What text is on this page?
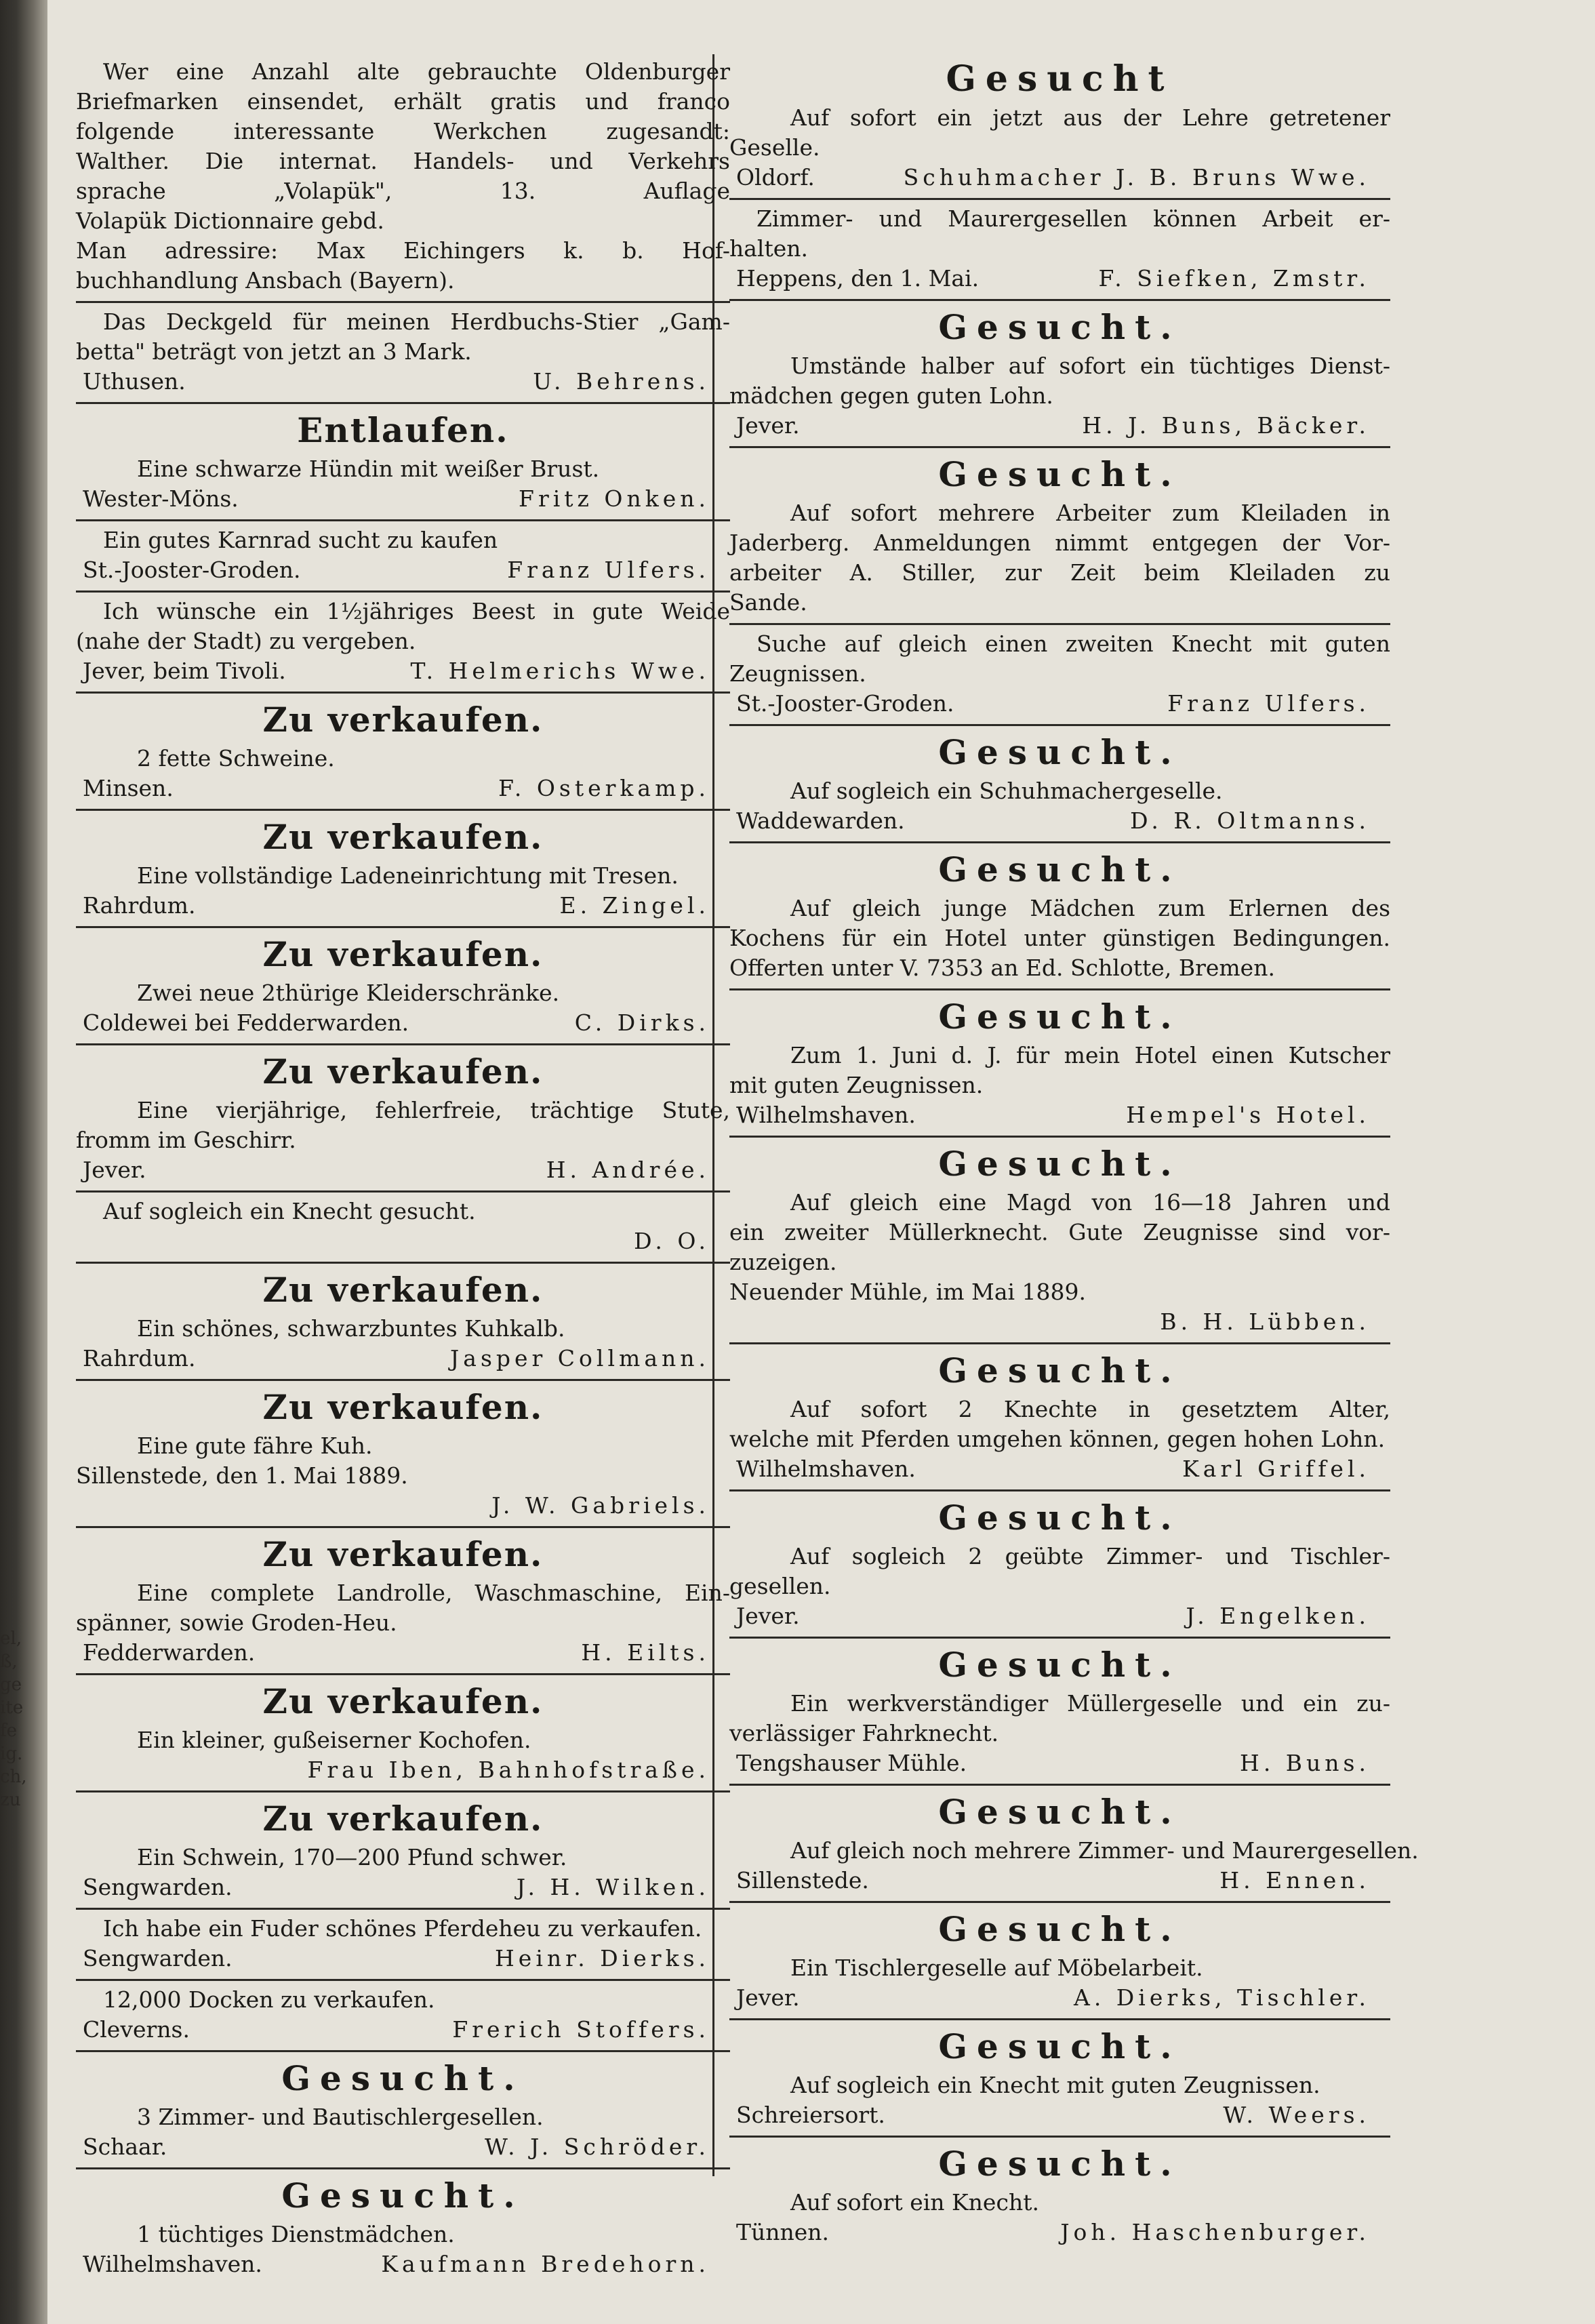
el,
ß,
ge
ite
fe
ig.
ch,
zu
Wer eine Anzahl alte gebrauchte Oldenburger
Briefmarken einsendet, erhält gratis und franco
folgende interessante Werkchen zugesandt:
Walther. Die internat. Handels- und Verkehrs
sprache „Volapük", 13. Auflage
Volapük Dictionnaire gebd.
Man adressire: Max Eichingers k. b. Hof-
buchhandlung Ansbach (Bayern).
Das Deckgeld für meinen Herdbuchs-Stier „Gam-
betta" beträgt von jetzt an 3 Mark.
Uthusen.	U. Behrens.
Entlaufen.
Eine schwarze Hündin mit weißer Brust.
Wester-Möns.	Fritz Onken.
Ein gutes Karnrad sucht zu kaufen
St.-Jooster-Groden.	Franz Ulfers.
Ich wünsche ein 1½jähriges Beest in gute Weide
(nahe der Stadt) zu vergeben.
Jever, beim Tivoli.	T. Helmerichs Wwe.
Zu verkaufen.
2 fette Schweine.
Minsen.	F. Osterkamp.
Zu verkaufen.
Eine vollständige Ladeneinrichtung mit Tresen.
Rahrdum.	E. Zingel.
Zu verkaufen.
Zwei neue 2thürige Kleiderschränke.
Coldewei bei Fedderwarden.	C. Dirks.
Zu verkaufen.
Eine vierjährige, fehlerfreie, trächtige Stute,
fromm im Geschirr.
Jever.	H. Andrée.
Auf sogleich ein Knecht gesucht.
D. O.
Zu verkaufen.
Ein schönes, schwarzbuntes Kuhkalb.
Rahrdum.	Jasper Collmann.
Zu verkaufen.
Eine gute fähre Kuh.
Sillenstede, den 1. Mai 1889.
J. W. Gabriels.
Zu verkaufen.
Eine complete Landrolle, Waschmaschine, Ein-
spänner, sowie Groden-Heu.
Fedderwarden.	H. Eilts.
Zu verkaufen.
Ein kleiner, gußeiserner Kochofen.
Frau Iben, Bahnhofstraße.
Zu verkaufen.
Ein Schwein, 170—200 Pfund schwer.
Sengwarden.	J. H. Wilken.
Ich habe ein Fuder schönes Pferdeheu zu verkaufen.
Sengwarden.	Heinr. Dierks.
12,000 Docken zu verkaufen.
Cleverns.	Frerich Stoffers.
Gesucht.
3 Zimmer- und Bautischlergesellen.
Schaar.	W. J. Schröder.
Gesucht.
1 tüchtiges Dienstmädchen.
Wilhelmshaven.	Kaufmann Bredehorn.
Gesucht
Auf sofort ein jetzt aus der Lehre getretener
Geselle.
Oldorf.	Schuhmacher J. B. Bruns Wwe.
Zimmer- und Maurergesellen können Arbeit er-
halten.
Heppens, den 1. Mai.	F. Siefken, Zmstr.
Gesucht.
Umstände halber auf sofort ein tüchtiges Dienst-
mädchen gegen guten Lohn.
Jever.	H. J. Buns, Bäcker.
Gesucht.
Auf sofort mehrere Arbeiter zum Kleiladen in
Jaderberg. Anmeldungen nimmt entgegen der Vor-
arbeiter A. Stiller, zur Zeit beim Kleiladen zu
Sande.
Suche auf gleich einen zweiten Knecht mit guten
Zeugnissen.
St.-Jooster-Groden.	Franz Ulfers.
Gesucht.
Auf sogleich ein Schuhmachergeselle.
Waddewarden.	D. R. Oltmanns.
Gesucht.
Auf gleich junge Mädchen zum Erlernen des
Kochens für ein Hotel unter günstigen Bedingungen.
Offerten unter V. 7353 an Ed. Schlotte, Bremen.
Gesucht.
Zum 1. Juni d. J. für mein Hotel einen Kutscher
mit guten Zeugnissen.
Wilhelmshaven.	Hempel's Hotel.
Gesucht.
Auf gleich eine Magd von 16—18 Jahren und
ein zweiter Müllerknecht. Gute Zeugnisse sind vor-
zuzeigen.
Neuender Mühle, im Mai 1889.
B. H. Lübben.
Gesucht.
Auf sofort 2 Knechte in gesetztem Alter,
welche mit Pferden umgehen können, gegen hohen Lohn.
Wilhelmshaven.	Karl Griffel.
Gesucht.
Auf sogleich 2 geübte Zimmer- und Tischler-
gesellen.
Jever.	J. Engelken.
Gesucht.
Ein werkverständiger Müllergeselle und ein zu-
verlässiger Fahrknecht.
Tengshauser Mühle.	H. Buns.
Gesucht.
Auf gleich noch mehrere Zimmer- und Maurergesellen.
Sillenstede.	H. Ennen.
Gesucht.
Ein Tischlergeselle auf Möbelarbeit.
Jever.	A. Dierks, Tischler.
Gesucht.
Auf sogleich ein Knecht mit guten Zeugnissen.
Schreiersort.	W. Weers.
Gesucht.
Auf sofort ein Knecht.
Tünnen.	Joh. Haschenburger.
